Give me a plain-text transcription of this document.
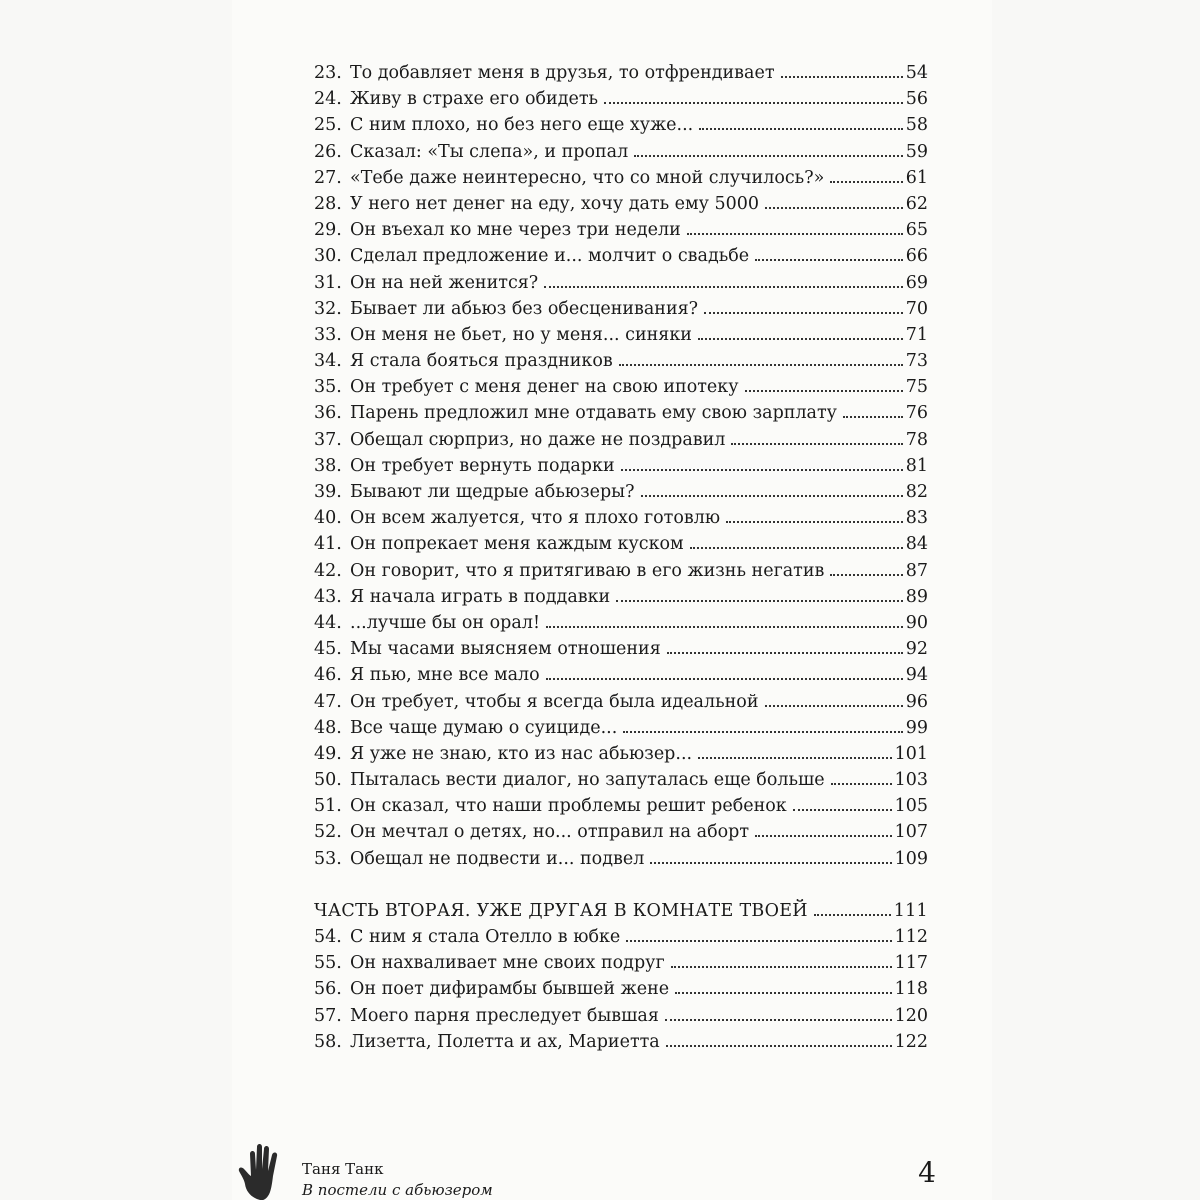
23. То добавляет меня в друзья, то отфрендивает	54
24. Живу в страхе его обидеть	56
25. С ним плохо, но без него еще хуже...	58
26. Сказал: «Ты слепа», и пропал	59
27. «Тебе даже неинтересно, что со мной случилось?»	61
28. У него нет денег на еду, хочу дать ему 5000	62
29. Он въехал ко мне через три недели	65
30. Сделал предложение и... молчит о свадьбе	66
31. Он на ней женится?	69
32. Бывает ли абьюз без обесценивания?	70
33. Он меня не бьет, но у меня... синяки	71
34. Я стала бояться праздников	73
35. Он требует с меня денег на свою ипотеку	75
36. Парень предложил мне отдавать ему свою зарплату	76
37. Обещал сюрприз, но даже не поздравил	78
38. Он требует вернуть подарки	81
39. Бывают ли щедрые абьюзеры?	82
40. Он всем жалуется, что я плохо готовлю	83
41. Он попрекает меня каждым куском	84
42. Он говорит, что я притягиваю в его жизнь негатив	87
43. Я начала играть в поддавки	89
44. ...лучше бы он орал!	90
45. Мы часами выясняем отношения	92
46. Я пью, мне все мало	94
47. Он требует, чтобы я всегда была идеальной	96
48. Все чаще думаю о суициде...	99
49. Я уже не знаю, кто из нас абьюзер...	101
50. Пыталась вести диалог, но запуталась еще больше	103
51. Он сказал, что наши проблемы решит ребенок	105
52. Он мечтал о детях, но... отправил на аборт	107
53. Обещал не подвести и... подвел	109
ЧАСТЬ ВТОРАЯ. УЖЕ ДРУГАЯ В КОМНАТЕ ТВОЕЙ	111
54. С ним я стала Отелло в юбке	112
55. Он нахваливает мне своих подруг	117
56. Он поет дифирамбы бывшей жене	118
57. Моего парня преследует бывшая	120
58. Лизетта, Полетта и ах, Мариетта	122
Таня Танк
В постели с абьюзером
4
